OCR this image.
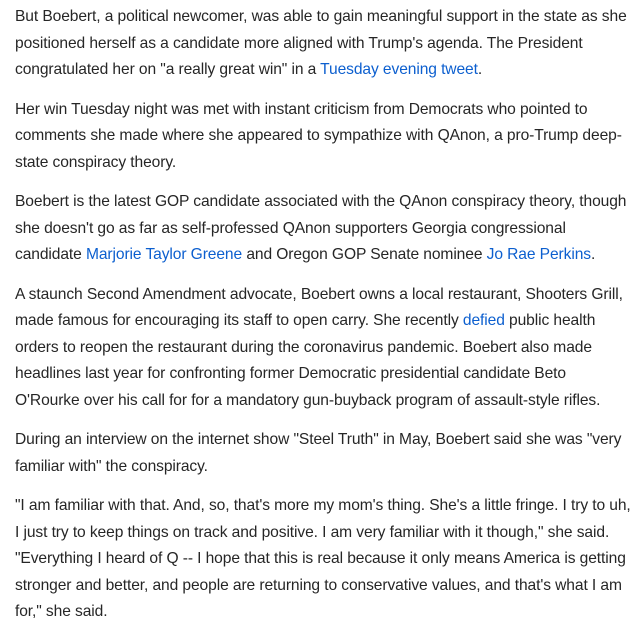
But Boebert, a political newcomer, was able to gain meaningful support in the state as she positioned herself as a candidate more aligned with Trump's agenda. The President congratulated her on "a really great win" in a Tuesday evening tweet.

Her win Tuesday night was met with instant criticism from Democrats who pointed to comments she made where she appeared to sympathize with QAnon, a pro-Trump deep-state conspiracy theory.

Boebert is the latest GOP candidate associated with the QAnon conspiracy theory, though she doesn't go as far as self-professed QAnon supporters Georgia congressional candidate Marjorie Taylor Greene and Oregon GOP Senate nominee Jo Rae Perkins.

A staunch Second Amendment advocate, Boebert owns a local restaurant, Shooters Grill, made famous for encouraging its staff to open carry. She recently defied public health orders to reopen the restaurant during the coronavirus pandemic. Boebert also made headlines last year for confronting former Democratic presidential candidate Beto O'Rourke over his call for for a mandatory gun-buyback program of assault-style rifles.

During an interview on the internet show "Steel Truth" in May, Boebert said she was "very familiar with" the conspiracy.

"I am familiar with that. And, so, that's more my mom's thing. She's a little fringe. I try to uh, I just try to keep things on track and positive. I am very familiar with it though," she said. "Everything I heard of Q -- I hope that this is real because it only means America is getting stronger and better, and people are returning to conservative values, and that's what I am for," she said.
